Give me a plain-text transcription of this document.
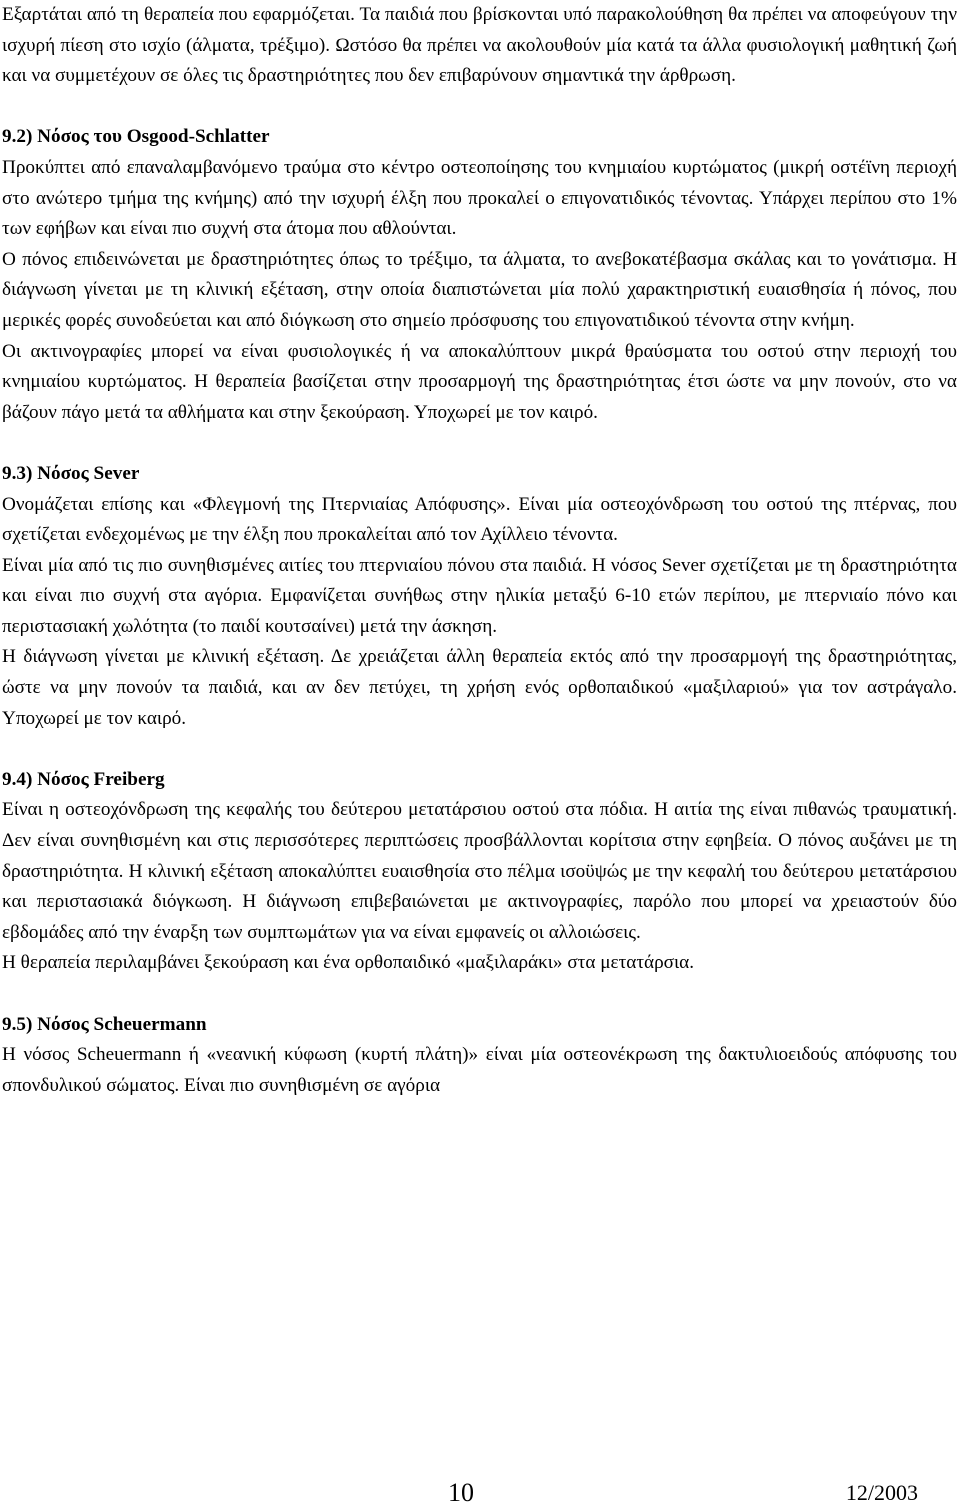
Εξαρτάται από τη θεραπεία που εφαρμόζεται. Τα παιδιά που βρίσκονται υπό παρακολούθηση θα πρέπει να αποφεύγουν την ισχυρή πίεση στο ισχίο (άλματα, τρέξιμο). Ωστόσο θα πρέπει να ακολουθούν μία κατά τα άλλα φυσιολογική μαθητική ζωή και να συμμετέχουν σε όλες τις δραστηριότητες που δεν επιβαρύνουν σημαντικά την άρθρωση.

9.2) Νόσος του Osgood-Schlatter

Προκύπτει από επαναλαμβανόμενο τραύμα στο κέντρο οστεοποίησης του κνημιαίου κυρτώματος (μικρή οστέϊνη περιοχή στο ανώτερο τμήμα της κνήμης) από την ισχυρή έλξη που προκαλεί ο επιγονατιδικός τένοντας. Υπάρχει περίπου στο 1% των εφήβων και είναι πιο συχνή στα άτομα που αθλούνται.

Ο πόνος επιδεινώνεται με δραστηριότητες όπως το τρέξιμο, τα άλματα, το ανεβοκατέβασμα σκάλας και το γονάτισμα. Η διάγνωση γίνεται με τη κλινική εξέταση, στην οποία διαπιστώνεται μία πολύ χαρακτηριστική ευαισθησία ή πόνος, που μερικές φορές συνοδεύεται και από διόγκωση στο σημείο πρόσφυσης του επιγονατιδικού τένοντα στην κνήμη.

Οι ακτινογραφίες μπορεί να είναι φυσιολογικές ή να αποκαλύπτουν μικρά θραύσματα του οστού στην περιοχή του κνημιαίου κυρτώματος. Η θεραπεία βασίζεται στην προσαρμογή της δραστηριότητας έτσι ώστε να μην πονούν, στο να βάζουν πάγο μετά τα αθλήματα και στην ξεκούραση. Υποχωρεί με τον καιρό.

9.3) Νόσος Sever

Ονομάζεται επίσης και «Φλεγμονή της Πτερνιαίας Απόφυσης». Είναι μία οστεοχόνδρωση του οστού της πτέρνας, που σχετίζεται ενδεχομένως με την έλξη που προκαλείται από τον Αχίλλειο τένοντα.

Είναι μία από τις πιο συνηθισμένες αιτίες του πτερνιαίου πόνου στα παιδιά. Η νόσος Sever σχετίζεται με τη δραστηριότητα και είναι πιο συχνή στα αγόρια. Εμφανίζεται συνήθως στην ηλικία μεταξύ 6-10 ετών περίπου, με πτερνιαίο πόνο και περιστασιακή χωλότητα (το παιδί κουτσαίνει) μετά την άσκηση.

Η διάγνωση γίνεται με κλινική εξέταση. Δε χρειάζεται άλλη θεραπεία εκτός από την προσαρμογή της δραστηριότητας, ώστε να μην πονούν τα παιδιά, και αν δεν πετύχει, τη χρήση ενός ορθοπαιδικού «μαξιλαριού» για τον αστράγαλο. Υποχωρεί με τον καιρό.

9.4) Νόσος Freiberg

Είναι η οστεοχόνδρωση της κεφαλής του δεύτερου μετατάρσιου οστού στα πόδια. Η αιτία της είναι πιθανώς τραυματική. Δεν είναι συνηθισμένη και στις περισσότερες περιπτώσεις προσβάλλονται κορίτσια στην εφηβεία. Ο πόνος αυξάνει με τη δραστηριότητα. Η κλινική εξέταση αποκαλύπτει ευαισθησία στο πέλμα ισοϋψώς με την κεφαλή του δεύτερου μετατάρσιου και περιστασιακά διόγκωση. Η διάγνωση επιβεβαιώνεται με ακτινογραφίες, παρόλο που μπορεί να χρειαστούν δύο εβδομάδες από την έναρξη των συμπτωμάτων για να είναι εμφανείς οι αλλοιώσεις.

Η θεραπεία περιλαμβάνει ξεκούραση και ένα ορθοπαιδικό «μαξιλαράκι» στα μετατάρσια.

9.5) Νόσος Scheuermann

Η νόσος Scheuermann ή «νεανική κύφωση (κυρτή πλάτη)» είναι μία οστεονέκρωση της δακτυλιοειδούς απόφυσης του σπονδυλικού σώματος. Είναι πιο συνηθισμένη σε αγόρια

10	12/2003
